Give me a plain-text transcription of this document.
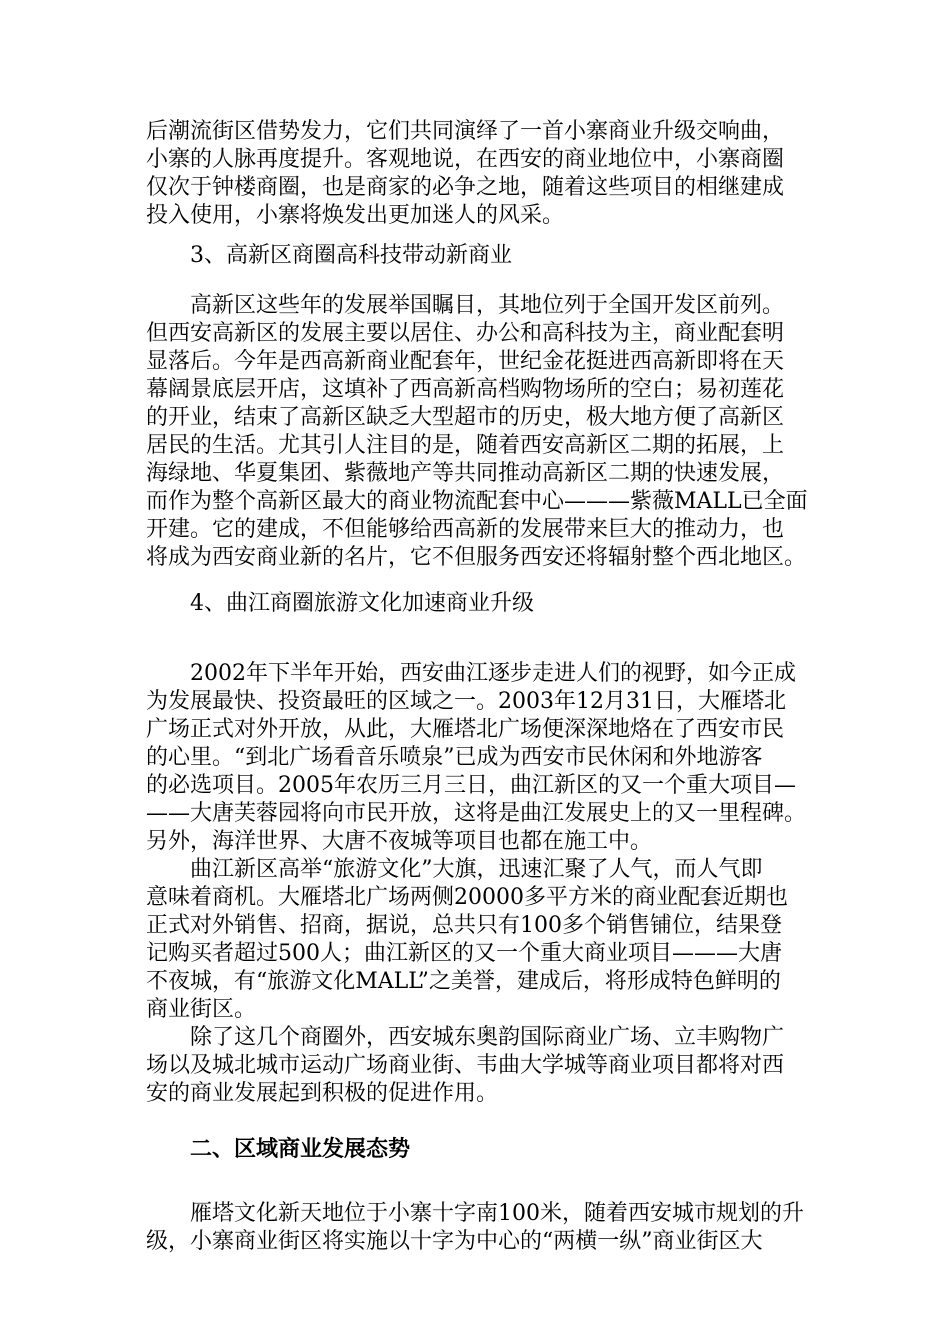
后潮流街区借势发力，它们共同演绎了一首小寨商业升级交响曲，
小寨的人脉再度提升。客观地说，在西安的商业地位中，小寨商圈
仅次于钟楼商圈，也是商家的必争之地，随着这些项目的相继建成
投入使用，小寨将焕发出更加迷人的风采。
3、高新区商圈高科技带动新商业
高新区这些年的发展举国瞩目，其地位列于全国开发区前列。
但西安高新区的发展主要以居住、办公和高科技为主，商业配套明
显落后。今年是西高新商业配套年，世纪金花挺进西高新即将在天
幕阔景底层开店，这填补了西高新高档购物场所的空白；易初莲花
的开业，结束了高新区缺乏大型超市的历史，极大地方便了高新区
居民的生活。尤其引人注目的是，随着西安高新区二期的拓展，上
海绿地、华夏集团、紫薇地产等共同推动高新区二期的快速发展，
而作为整个高新区最大的商业物流配套中心———紫薇MALL已全面
开建。它的建成，不但能够给西高新的发展带来巨大的推动力，也
将成为西安商业新的名片，它不但服务西安还将辐射整个西北地区。
4、曲江商圈旅游文化加速商业升级
2002年下半年开始，西安曲江逐步走进人们的视野，如今正成
为发展最快、投资最旺的区域之一。2003年12月31日，大雁塔北
广场正式对外开放，从此，大雁塔北广场便深深地烙在了西安市民
的心里。“到北广场看音乐喷泉”已成为西安市民休闲和外地游客
的必选项目。2005年农历三月三日，曲江新区的又一个重大项目—
——大唐芙蓉园将向市民开放，这将是曲江发展史上的又一里程碑。
另外，海洋世界、大唐不夜城等项目也都在施工中。
曲江新区高举“旅游文化”大旗，迅速汇聚了人气，而人气即
意味着商机。大雁塔北广场两侧20000多平方米的商业配套近期也
正式对外销售、招商，据说，总共只有100多个销售铺位，结果登
记购买者超过500人；曲江新区的又一个重大商业项目———大唐
不夜城，有“旅游文化MALL”之美誉，建成后，将形成特色鲜明的
商业街区。
除了这几个商圈外，西安城东奥韵国际商业广场、立丰购物广
场以及城北城市运动广场商业街、韦曲大学城等商业项目都将对西
安的商业发展起到积极的促进作用。
二、区域商业发展态势
雁塔文化新天地位于小寨十字南100米，随着西安城市规划的升
级，小寨商业街区将实施以十字为中心的“两横一纵”商业街区大
